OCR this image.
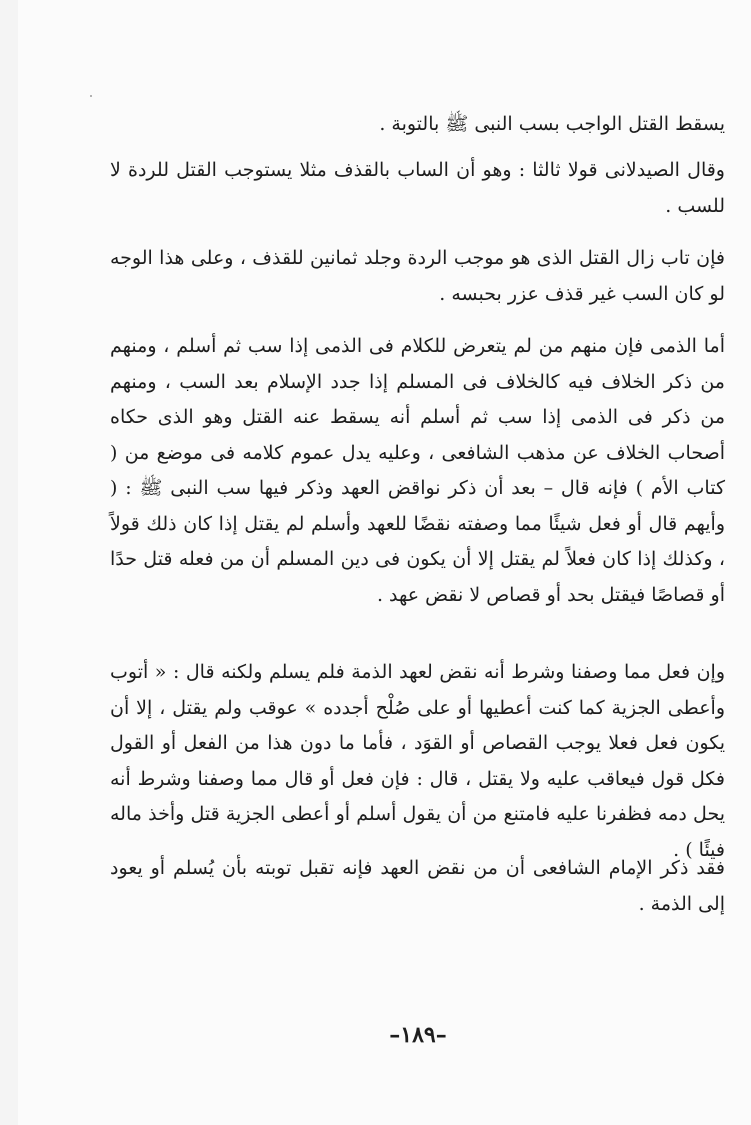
يسقط القتل الواجب بسب النبى ﷺ بالتوبة .

وقال الصيدلانى قولا ثالثا : وهو أن الساب بالقذف مثلا يستوجب القتل للردة لا للسب .

فإن تاب زال القتل الذى هو موجب الردة وجلد ثمانين للقذف ، وعلى هذا الوجه لو كان السب غير قذف عزر بحبسه .

أما الذمى فإن منهم من لم يتعرض للكلام فى الذمى إذا سب ثم أسلم ، ومنهم من ذكر الخلاف فيه كالخلاف فى المسلم إذا جدد الإسلام بعد السب ، ومنهم من ذكر فى الذمى إذا سب ثم أسلم أنه يسقط عنه القتل وهو الذى حكاه أصحاب الخلاف عن مذهب الشافعى ، وعليه يدل عموم كلامه فى موضع من ( كتاب الأم ) فإنه قال – بعد أن ذكر نواقض العهد وذكر فيها سب النبى ﷺ : ( وأيهم قال أو فعل شيئًا مما وصفته نقضًا للعهد وأسلم لم يقتل إذا كان ذلك قولاً ، وكذلك إذا كان فعلاً لم يقتل إلا أن يكون فى دين المسلم أن من فعله قتل حدًا أو قصاصًا فيقتل بحد أو قصاص لا نقض عهد .

وإن فعل مما وصفنا وشرط أنه نقض لعهد الذمة فلم يسلم ولكنه قال : « أتوب وأعطى الجزية كما كنت أعطيها أو على صُلْح أجدده » عوقب ولم يقتل ، إلا أن يكون فعل فعلا يوجب القصاص أو القوَد ، فأما ما دون هذا من الفعل أو القول فكل قول فيعاقب عليه ولا يقتل ، قال : فإن فعل أو قال مما وصفنا وشرط أنه يحل دمه فظفرنا عليه فامتنع من أن يقول أسلم أو أعطى الجزية قتل وأخذ ماله فيئًا ) .

فقد ذكر الإمام الشافعى أن من نقض العهد فإنه تقبل توبته بأن يُسلم أو يعود إلى الذمة .

–١٨٩–
